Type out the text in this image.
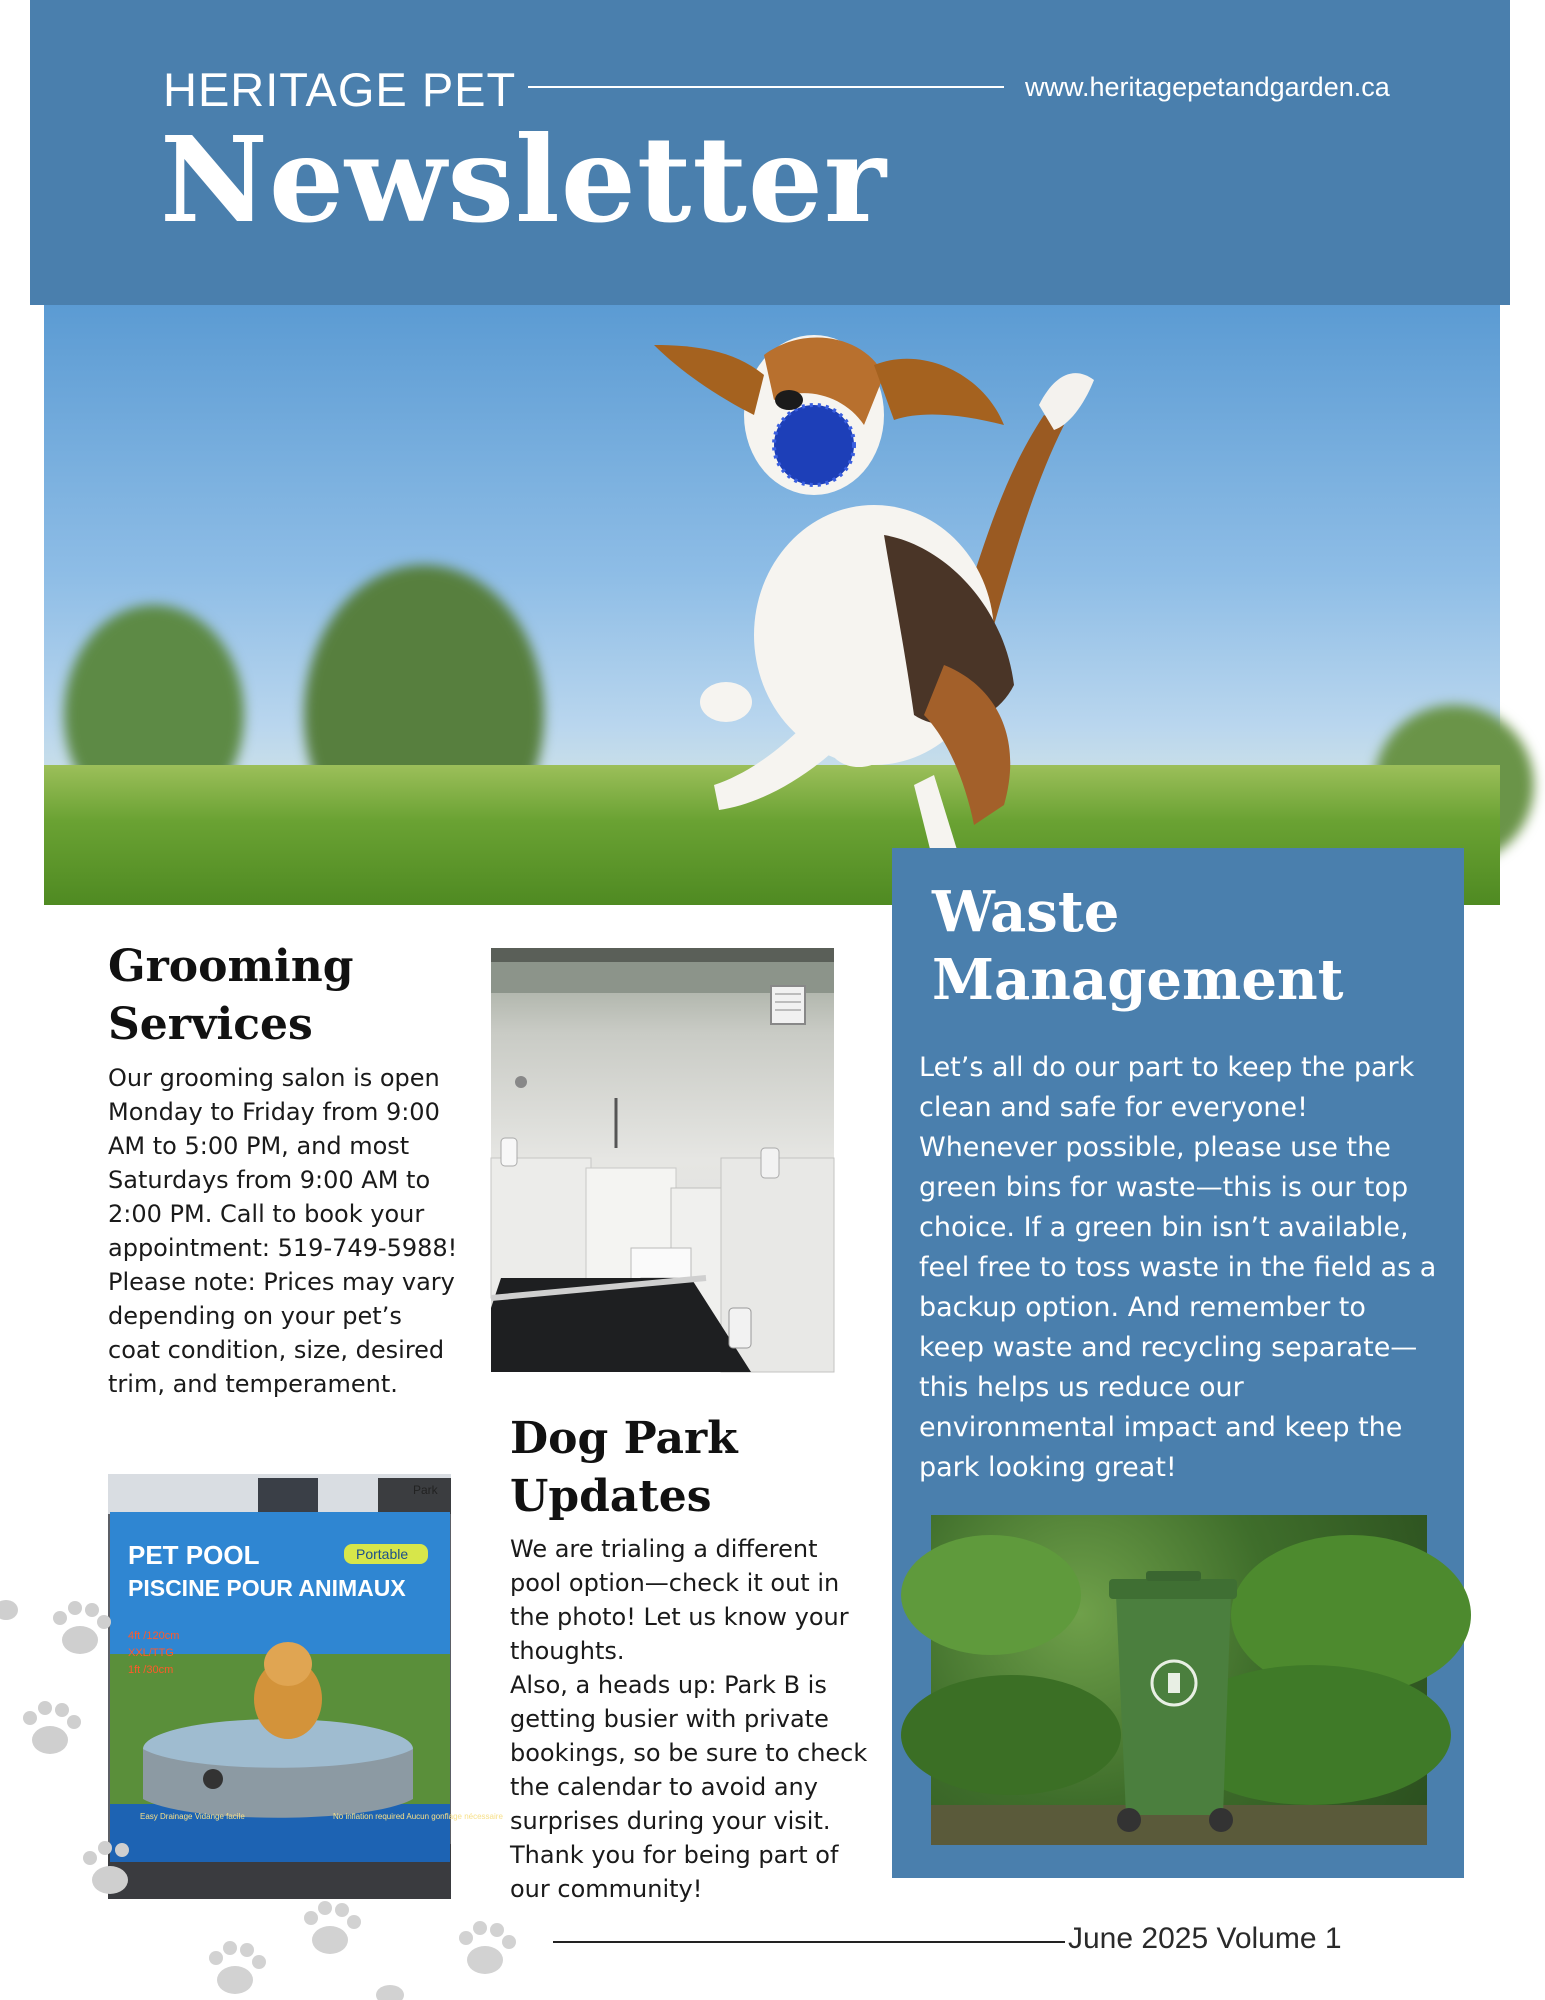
HERITAGE PET	www.heritagepetandgarden.ca
Newsletter
Grooming
Services
Our grooming salon is open
Monday to Friday from 9:00
AM to 5:00 PM, and most
Saturdays from 9:00 AM to
2:00 PM. Call to book your
appointment: 519-749-5988!
Please note: Prices may vary
depending on your pet’s
coat condition, size, desired
trim, and temperament.
Dog Park
Updates
We are trialing a different
pool option—check it out in
the photo! Let us know your
thoughts.
Also, a heads up: Park B is
getting busier with private
bookings, so be sure to check
the calendar to avoid any
surprises during your visit.
Thank you for being part of
our community!
PET POOL
PISCINE POUR ANIMAUX
Portable
4ft /120cm
XXL/TTG
1ft /30cm
Easy Drainage Vidange facile	No inflation required Aucun gonflage nécessaire
Park
Waste
Management
Let’s all do our part to keep the park
clean and safe for everyone!
Whenever possible, please use the
green bins for waste—this is our top
choice. If a green bin isn’t available,
feel free to toss waste in the field as a
backup option. And remember to
keep waste and recycling separate—
this helps us reduce our
environmental impact and keep the
park looking great!
June 2025 Volume 1
